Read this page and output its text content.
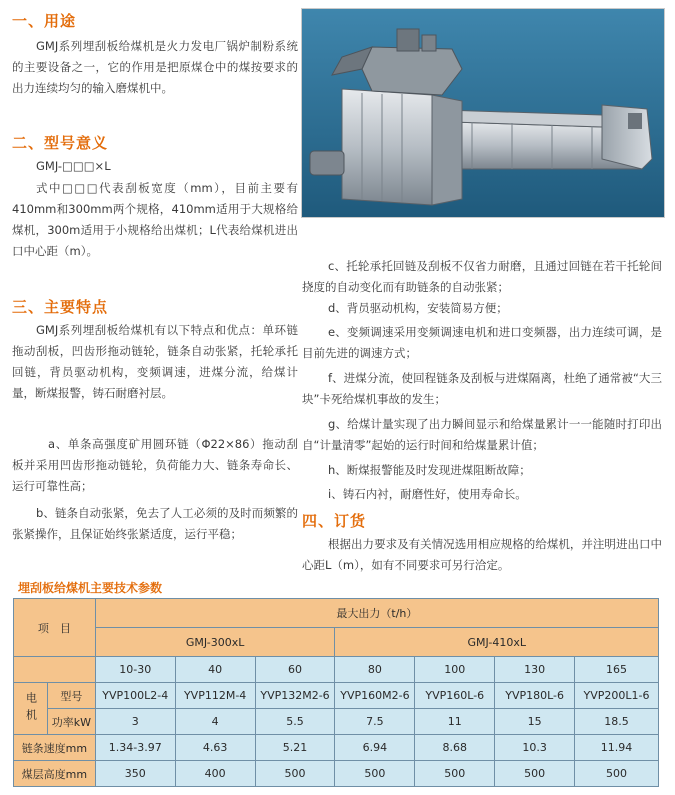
一、用途

GMJ系列埋刮板给煤机是火力发电厂锅炉制粉系统的主要设备之一，它的作用是把原煤仓中的煤按要求的出力连续均匀的输入磨煤机中。

二、型号意义

GMJ-□□□×L

式中□□□代表刮板宽度（mm），目前主要有410mm和300mm两个规格，410mm适用于大规格给煤机，300m适用于小规格给出煤机；L代表给煤机进出口中心距（m）。

三、主要特点

GMJ系列埋刮板给煤机有以下特点和优点：单环链拖动刮板，凹齿形拖动链轮，链条自动张紧，托轮承托回链，背员驱动机构，变频调速，进煤分流，给煤计量，断煤报警，铸石耐磨衬层。

a、单条高强度矿用圆环链（Φ22×86）拖动刮板并采用凹齿形拖动链轮，负荷能力大、链条寿命长、运行可靠性高；

b、链条自动张紧，免去了人工必须的及时而频繁的张紧操作，且保证始终张紧适度，运行平稳；

c、托轮承托回链及刮板不仅省力耐磨，且通过回链在若干托轮间挠度的自动变化而有助链条的自动张紧；

d、背员驱动机构，安装简易方便；

e、变频调速采用变频调速电机和进口变频器，出力连续可调，是目前先进的调速方式；

f、进煤分流，使回程链条及刮板与进煤隔离，杜绝了通常被“大三块”卡死给煤机事故的发生；

g、给煤计量实现了出力瞬间显示和给煤量累计一一能随时打印出自“计量清零”起始的运行时间和给煤量累计值；

h、断煤报警能及时发现进煤阻断故障；

i、铸石内衬，耐磨性好，使用寿命长。

四、订货

根据出力要求及有关情况选用相应规格的给煤机，并注明进出口中心距L（m），如有不同要求可另行洽定。

埋刮板给煤机主要技术参数
项　目		最大出力（t/h）						
		GMJ-300xL			GMJ-410xL			
		10-30	40	60	80	100	130	165
电机	型号	YVP100L2-4	YVP112M-4	YVP132M2-6	YVP160M2-6	YVP160L-6	YVP180L-6	YVP200L1-6
	功率kW	3	4	5.5	7.5	11	15	18.5
链条速度mm		1.34-3.97	4.63	5.21	6.94	8.68	10.3	11.94
煤层高度mm		350	400	500	500	500	500	500
